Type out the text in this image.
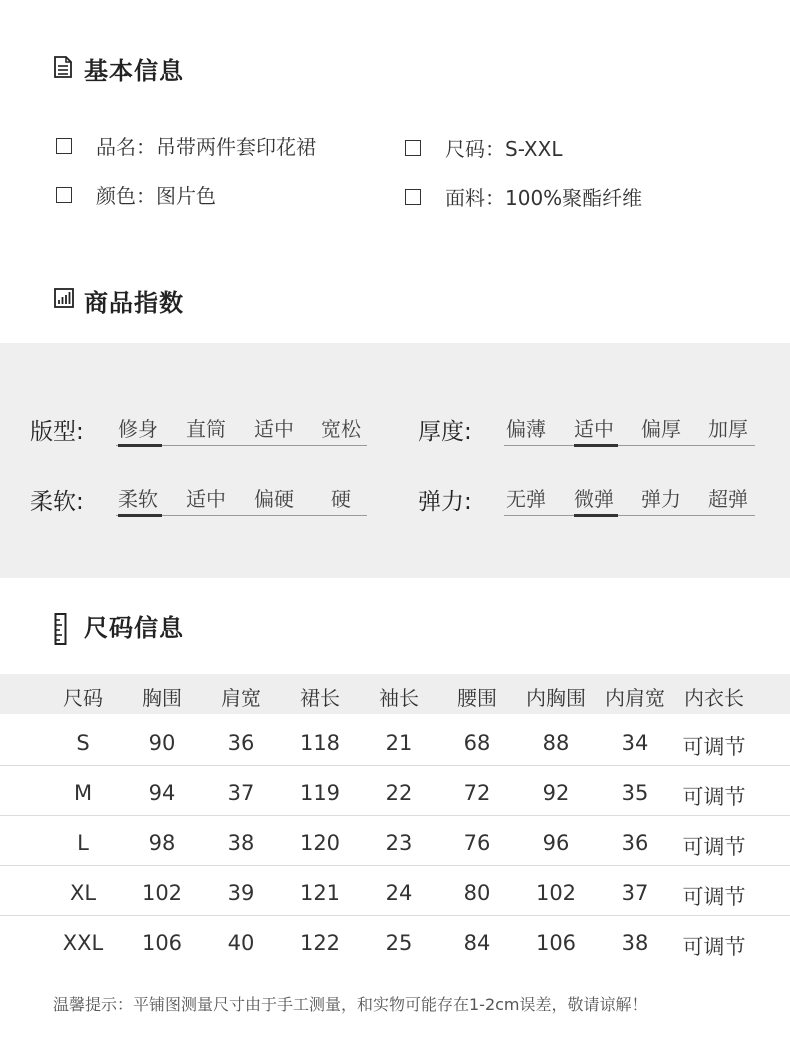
基本信息
品名：吊带两件套印花裙	尺码：S-XXL
颜色：图片色	面料：100%聚酯纤维
商品指数
版型: 修身 直筒 适中 宽松 厚度: 偏薄 适中 偏厚 加厚
柔软: 柔软 适中 偏硬 硬	弹力: 无弹 微弹 弹力 超弹
尺码信息
尺码	胸围	肩宽	裙长	袖长	腰围	内胸围 内肩宽 内衣长
S	90	36	118	21	68	88	34	可调节
M	94	37	119	22	72	92	35	可调节
L	98	38	120	23	76	96	36	可调节
XL	102	39	121	24	80	102	37	可调节
XXL	106	40	122	25	84	106	38	可调节
温馨提示：平铺图测量尺寸由于手工测量，和实物可能存在1-2cm误差，敬请谅解！
